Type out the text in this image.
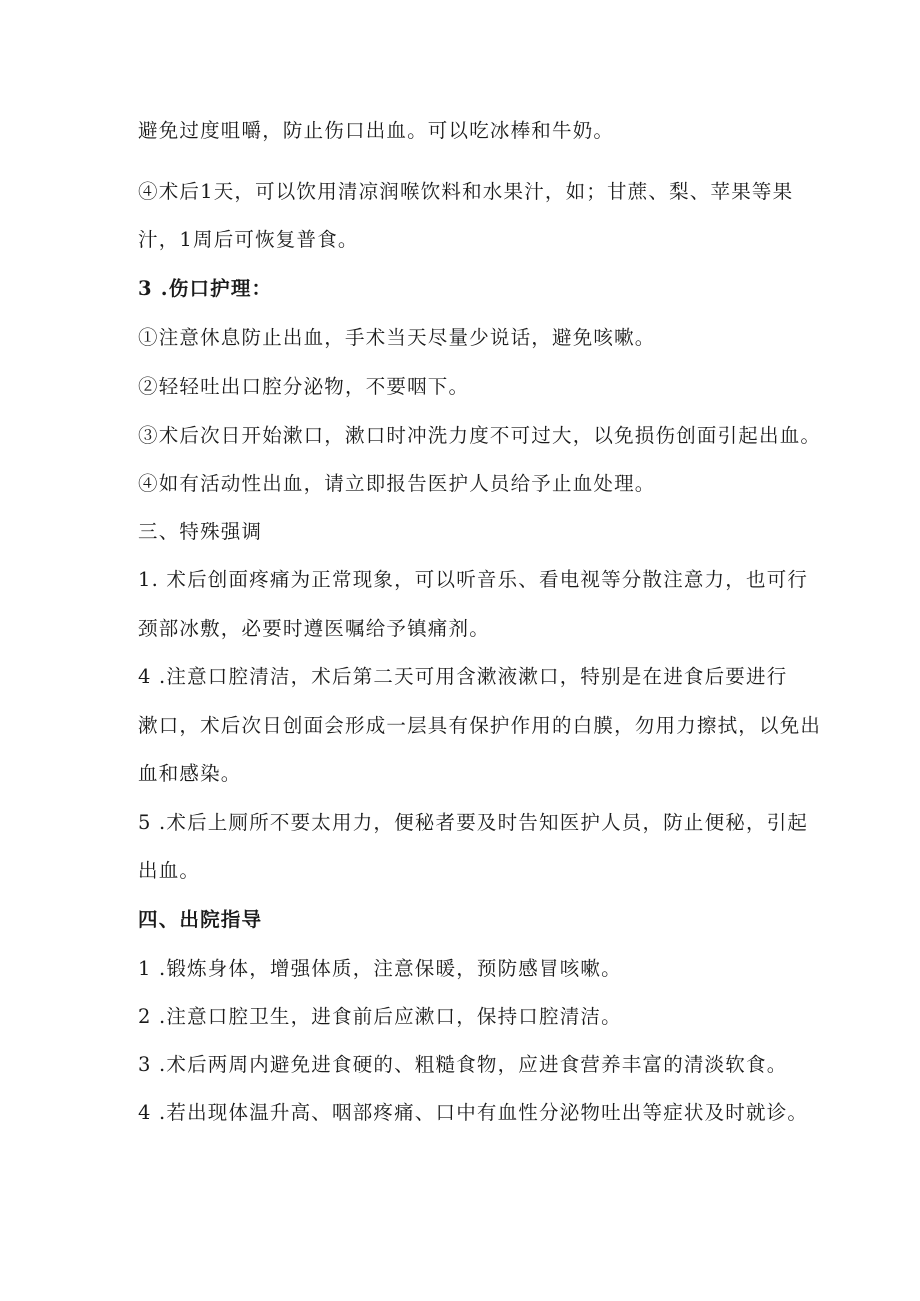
避免过度咀嚼，防止伤口出血。可以吃冰棒和牛奶。
④术后1天，可以饮用清凉润喉饮料和水果汁，如；甘蔗、梨、苹果等果
汁，1周后可恢复普食。
3 .伤口护理：
①注意休息防止出血，手术当天尽量少说话，避免咳嗽。
②轻轻吐出口腔分泌物，不要咽下。
③术后次日开始漱口，漱口时冲洗力度不可过大，以免损伤创面引起出血。
④如有活动性出血，请立即报告医护人员给予止血处理。
三、特殊强调
1. 术后创面疼痛为正常现象，可以听音乐、看电视等分散注意力，也可行
颈部冰敷，必要时遵医嘱给予镇痛剂。
4 .注意口腔清洁，术后第二天可用含漱液漱口，特别是在进食后要进行
漱口，术后次日创面会形成一层具有保护作用的白膜，勿用力擦拭，以免出
血和感染。
5 .术后上厕所不要太用力，便秘者要及时告知医护人员，防止便秘，引起
出血。
四、出院指导
1 .锻炼身体，增强体质，注意保暖，预防感冒咳嗽。
2 .注意口腔卫生，进食前后应漱口，保持口腔清洁。
3 .术后两周内避免进食硬的、粗糙食物，应进食营养丰富的清淡软食。
4 .若出现体温升高、咽部疼痛、口中有血性分泌物吐出等症状及时就诊。
